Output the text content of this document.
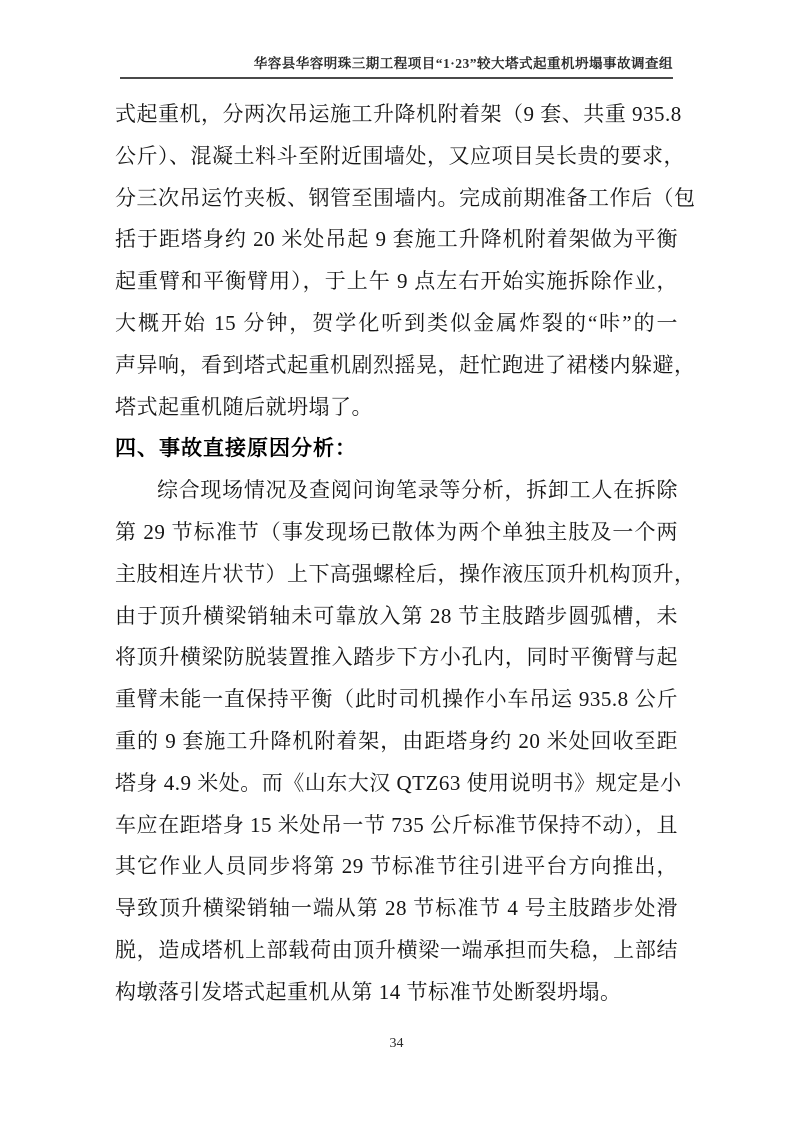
华容县华容明珠三期工程项目“1·23”较大塔式起重机坍塌事故调查组
式起重机，分两次吊运施工升降机附着架（9 套、共重 935.8
公斤）、混凝土料斗至附近围墙处，又应项目吴长贵的要求，
分三次吊运竹夹板、钢管至围墙内。完成前期准备工作后（包
括于距塔身约 20 米处吊起 9 套施工升降机附着架做为平衡
起重臂和平衡臂用），于上午 9 点左右开始实施拆除作业，
大概开始 15 分钟，贺学化听到类似金属炸裂的“咔”的一
声异响，看到塔式起重机剧烈摇晃，赶忙跑进了裙楼内躲避，
塔式起重机随后就坍塌了。
四、事故直接原因分析：
综合现场情况及查阅问询笔录等分析，拆卸工人在拆除
第 29 节标准节（事发现场已散体为两个单独主肢及一个两
主肢相连片状节）上下高强螺栓后，操作液压顶升机构顶升，
由于顶升横梁销轴未可靠放入第 28 节主肢踏步圆弧槽，未
将顶升横梁防脱装置推入踏步下方小孔内，同时平衡臂与起
重臂未能一直保持平衡（此时司机操作小车吊运 935.8 公斤
重的 9 套施工升降机附着架，由距塔身约 20 米处回收至距
塔身 4.9 米处。而《山东大汉 QTZ63 使用说明书》规定是小
车应在距塔身 15 米处吊一节 735 公斤标准节保持不动），且
其它作业人员同步将第 29 节标准节往引进平台方向推出，
导致顶升横梁销轴一端从第 28 节标准节 4 号主肢踏步处滑
脱，造成塔机上部载荷由顶升横梁一端承担而失稳，上部结
构墩落引发塔式起重机从第 14 节标准节处断裂坍塌。
34
